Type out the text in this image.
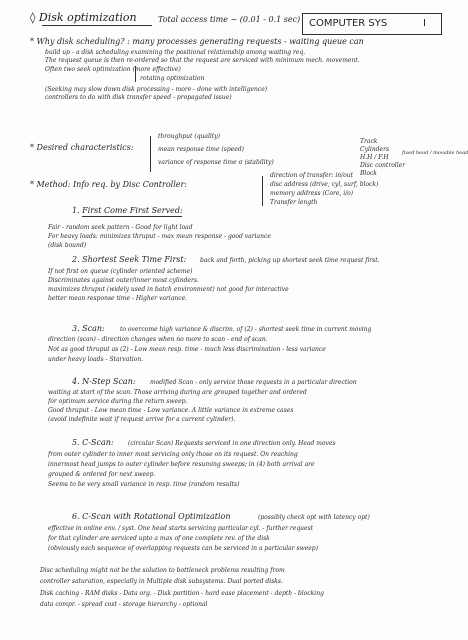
◊ Disk optimization	Total access time ~ (0.01 - 0.1 sec) COMPUTER SYS	I
* Why disk scheduling? : many processes generating requests - waiting queue can
build up - a disk scheduling examining the positional relationship among waiting req.
The request queue is then re-ordered so that the request are serviced with minimum mech. movement.
Often two seek optimization (more effective)
rotating optimization
(Seeking may slow down disk processing - more - done with intelligence)
controllers to do with disk transfer speed - propagated issue)
* Desired characteristics:
throughput (quality)
mean response time (speed)
variance of response time σ (stability)
Track
Cylinders
H.H / F.H
Disc controller
Block
fixed head / movable head
* Method: Info req. by Disc Controller:
direction of transfer: in/out
disc address (drive, cyl, surf, block)
memory address (Core, i/o)
Transfer length
1. First Come First Served:
Fair - random seek pattern - Good for light load
For heavy loads: minimizes thruput - max mean response - good variance
(disk bound)
2. Shortest Seek Time First: back and forth, picking up shortest seek time request first.
If not first on queue (cylinder oriented scheme)
Discriminates against outer/inner most cylinders.
maximizes thruput (widely used in batch environment) not good for interactive
better mean response time - Higher variance.
3. Scan:	to overcome high variance & discrim. of (2) - shortest seek time in current moving
direction (scan) - direction changes when no more to scan - end of scan.
Not as good thruput as (2) - Low mean resp. time - much less discrimination - less variance
under heavy loads - Starvation.
4. N-Step Scan: modified Scan - only service those requests in a particular direction
waiting at start of the scan. Those arriving during are grouped together and ordered
for optimum service during the return sweep.
Good thruput - Low mean time - Low variance. A little variance in extreme cases
(avoid indefinite wait if request arrive for a current cylinder).
5. C-Scan: (circular Scan) Requests serviced in one direction only. Head moves
from outer cylinder to inner most servicing only those on its request. On reaching
innermost head jumps to outer cylinder before resuming sweeps; in (4) both arrival are
grouped & ordered for next sweep.
Seems to be very small variance in resp. time (random results)
6. C-Scan with Rotational Optimization	(possibly check opt with latency opt)
effective in online env. / syst. One head starts servicing particular cyl. - further request
for that cylinder are serviced upto a max of one complete rev. of the disk
(obviously each sequence of overlapping requests can be serviced in a particular sweep)
Disc scheduling might not be the solution to bottleneck problems resulting from
controller saturation, especially in Multiple disk subsystems. Dual ported disks.
Disk caching - RAM disks - Data org. - Disk partition - hard ease placement - depth - blocking
data compr. - spread cost - storage hierarchy - optional
